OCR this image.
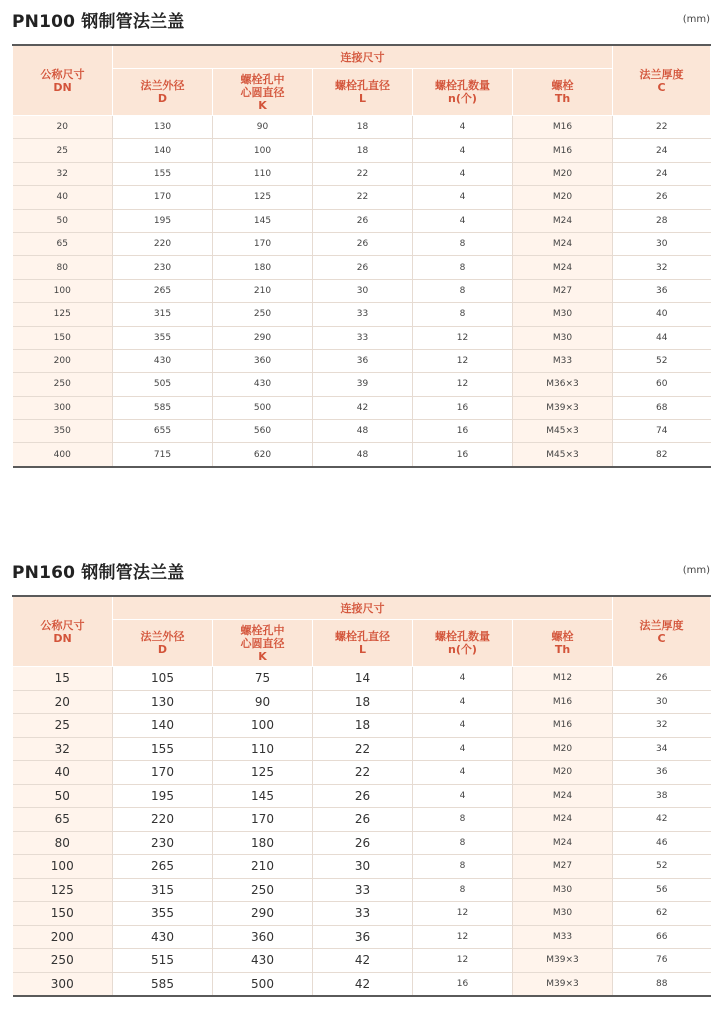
PN100 钢制管法兰盖	(mm)
公称尺寸
DN	连接尺寸					法兰厚度
C
	法兰外径
D	螺栓孔中
心圆直径
K	螺栓孔直径
L	螺栓孔数量
n(个)	螺栓
Th	
20	130	90	18	4	M16	22
25	140	100	18	4	M16	24
32	155	110	22	4	M20	24
40	170	125	22	4	M20	26
50	195	145	26	4	M24	28
65	220	170	26	8	M24	30
80	230	180	26	8	M24	32
100	265	210	30	8	M27	36
125	315	250	33	8	M30	40
150	355	290	33	12	M30	44
200	430	360	36	12	M33	52
250	505	430	39	12	M36×3	60
300	585	500	42	16	M39×3	68
350	655	560	48	16	M45×3	74
400	715	620	48	16	M45×3	82
PN160 钢制管法兰盖	(mm)
公称尺寸
DN	连接尺寸					法兰厚度
C
	法兰外径
D	螺栓孔中
心圆直径
K	螺栓孔直径
L	螺栓孔数量
n(个)	螺栓
Th	
15	105	75	14	4	M12	26
20	130	90	18	4	M16	30
25	140	100	18	4	M16	32
32	155	110	22	4	M20	34
40	170	125	22	4	M20	36
50	195	145	26	4	M24	38
65	220	170	26	8	M24	42
80	230	180	26	8	M24	46
100	265	210	30	8	M27	52
125	315	250	33	8	M30	56
150	355	290	33	12	M30	62
200	430	360	36	12	M33	66
250	515	430	42	12	M39×3	76
300	585	500	42	16	M39×3	88
